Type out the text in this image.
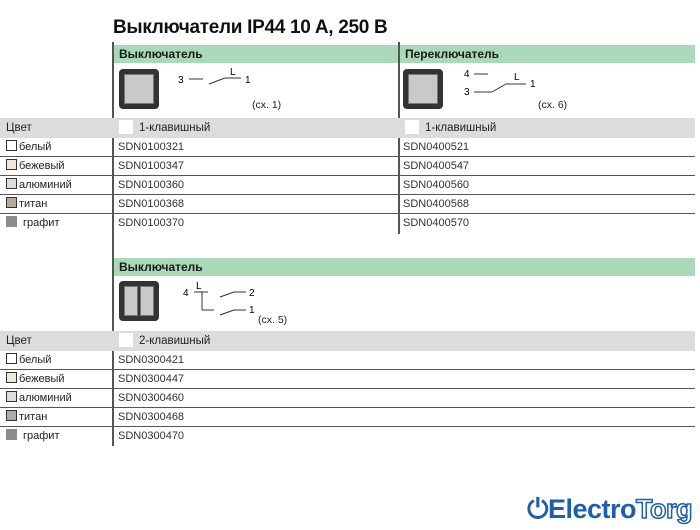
Выключатели IP44 10 A, 250 B
Выключатель	Переключатель
3
L
1
(сх. 1)
4
3
L
1
(сх. 6)
Цвет	1-клавишный	1-клавишный
белый	SDN0100321	SDN0400521
бежевый	SDN0100347	SDN0400547
алюминий	SDN0100360	SDN0400560
титан	SDN0100368	SDN0400568
графит	SDN0100370	SDN0400570
Выключатель
4
L
2
1
(сх. 5)
Цвет	2-клавишный
белый	SDN0300421
бежевый	SDN0300447
алюминий	SDN0300460
титан	SDN0300468
графит	SDN0300470
⏻ElectroTorg
